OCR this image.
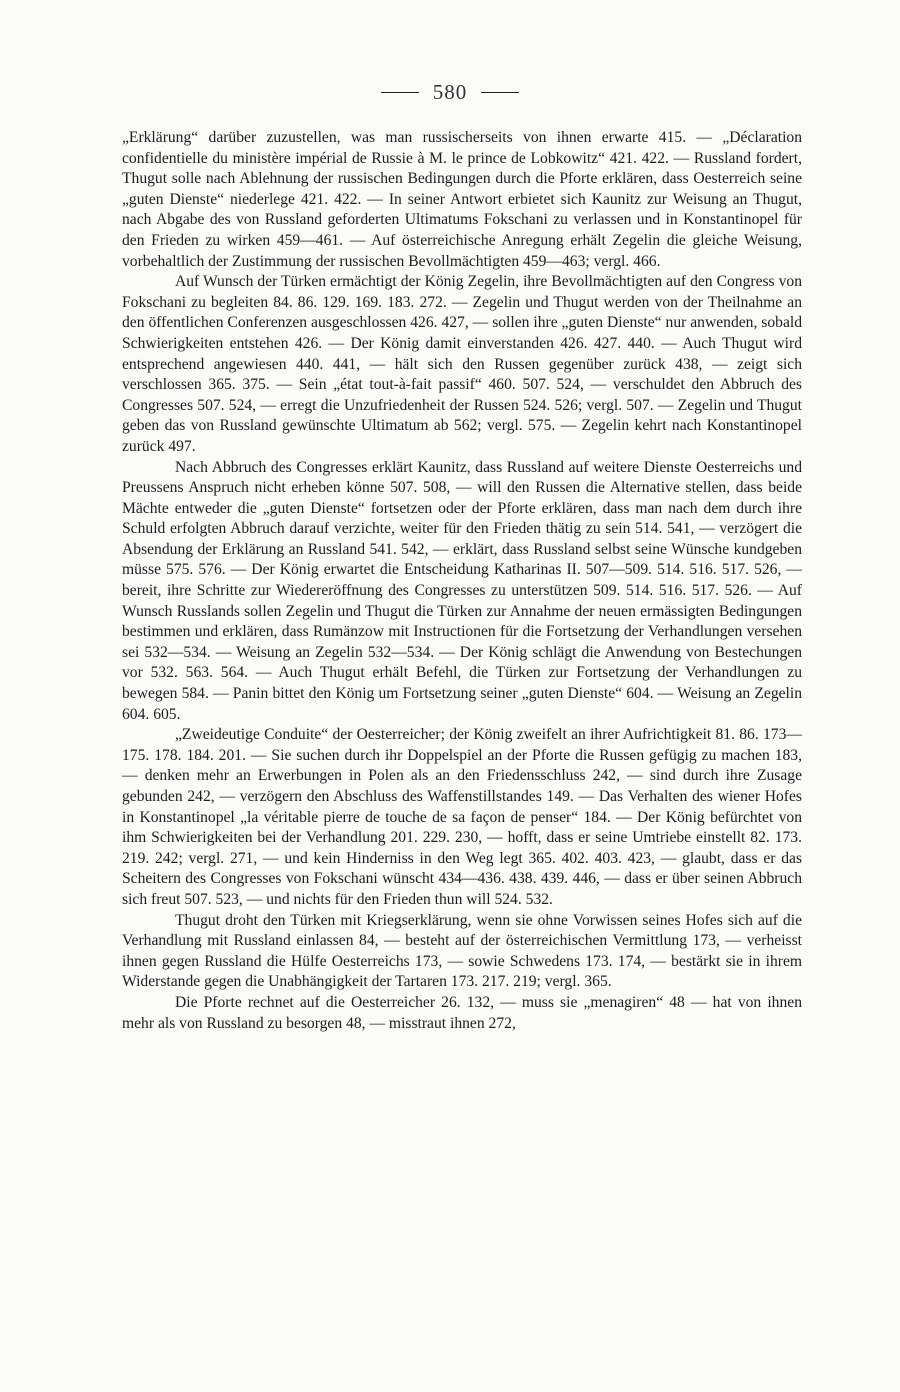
580

„Erklärung“ darüber zuzustellen, was man russischerseits von ihnen erwarte 415. — „Déclaration confidentielle du ministère impérial de Russie à M. le prince de Lobkowitz“ 421. 422. — Russland fordert, Thugut solle nach Ablehnung der russischen Bedingungen durch die Pforte erklären, dass Oesterreich seine „guten Dienste“ niederlege 421. 422. — In seiner Antwort erbietet sich Kaunitz zur Weisung an Thugut, nach Abgabe des von Russland geforderten Ultimatums Fokschani zu verlassen und in Konstantinopel für den Frieden zu wirken 459—461. — Auf österreichische Anregung erhält Zegelin die gleiche Weisung, vorbehaltlich der Zustimmung der russischen Bevollmächtigten 459—463; vergl. 466.

Auf Wunsch der Türken ermächtigt der König Zegelin, ihre Bevollmächtigten auf den Congress von Fokschani zu begleiten 84. 86. 129. 169. 183. 272. — Zegelin und Thugut werden von der Theilnahme an den öffentlichen Conferenzen ausgeschlossen 426. 427, — sollen ihre „guten Dienste“ nur anwenden, sobald Schwierigkeiten entstehen 426. — Der König damit einverstanden 426. 427. 440. — Auch Thugut wird entsprechend angewiesen 440. 441, — hält sich den Russen gegenüber zurück 438, — zeigt sich verschlossen 365. 375. — Sein „état tout-à-fait passif“ 460. 507. 524, — verschuldet den Abbruch des Congresses 507. 524, — erregt die Unzufriedenheit der Russen 524. 526; vergl. 507. — Zegelin und Thugut geben das von Russland gewünschte Ultimatum ab 562; vergl. 575. — Zegelin kehrt nach Konstantinopel zurück 497.

Nach Abbruch des Congresses erklärt Kaunitz, dass Russland auf weitere Dienste Oesterreichs und Preussens Anspruch nicht erheben könne 507. 508, — will den Russen die Alternative stellen, dass beide Mächte entweder die „guten Dienste“ fortsetzen oder der Pforte erklären, dass man nach dem durch ihre Schuld erfolgten Abbruch darauf verzichte, weiter für den Frieden thätig zu sein 514. 541, — verzögert die Absendung der Erklärung an Russland 541. 542, — erklärt, dass Russland selbst seine Wünsche kundgeben müsse 575. 576. — Der König erwartet die Entscheidung Katharinas II. 507—509. 514. 516. 517. 526, — bereit, ihre Schritte zur Wiedereröffnung des Congresses zu unterstützen 509. 514. 516. 517. 526. — Auf Wunsch Russlands sollen Zegelin und Thugut die Türken zur Annahme der neuen ermässigten Bedingungen bestimmen und erklären, dass Rumänzow mit Instructionen für die Fortsetzung der Verhandlungen versehen sei 532—534. — Weisung an Zegelin 532—534. — Der König schlägt die Anwendung von Bestechungen vor 532. 563. 564. — Auch Thugut erhält Befehl, die Türken zur Fortsetzung der Verhandlungen zu bewegen 584. — Panin bittet den König um Fortsetzung seiner „guten Dienste“ 604. — Weisung an Zegelin 604. 605.

„Zweideutige Conduite“ der Oesterreicher; der König zweifelt an ihrer Aufrichtigkeit 81. 86. 173—175. 178. 184. 201. — Sie suchen durch ihr Doppelspiel an der Pforte die Russen gefügig zu machen 183, — denken mehr an Erwerbungen in Polen als an den Friedensschluss 242, — sind durch ihre Zusage gebunden 242, — verzögern den Abschluss des Waffenstillstandes 149. — Das Verhalten des wiener Hofes in Konstantinopel „la véritable pierre de touche de sa façon de penser“ 184. — Der König befürchtet von ihm Schwierigkeiten bei der Verhandlung 201. 229. 230, — hofft, dass er seine Umtriebe einstellt 82. 173. 219. 242; vergl. 271, — und kein Hinderniss in den Weg legt 365. 402. 403. 423, — glaubt, dass er das Scheitern des Congresses von Fokschani wünscht 434—436. 438. 439. 446, — dass er über seinen Abbruch sich freut 507. 523, — und nichts für den Frieden thun will 524. 532.

Thugut droht den Türken mit Kriegserklärung, wenn sie ohne Vorwissen seines Hofes sich auf die Verhandlung mit Russland einlassen 84, — besteht auf der österreichischen Vermittlung 173, — verheisst ihnen gegen Russland die Hülfe Oesterreichs 173, — sowie Schwedens 173. 174, — bestärkt sie in ihrem Widerstande gegen die Unabhängigkeit der Tartaren 173. 217. 219; vergl. 365.

Die Pforte rechnet auf die Oesterreicher 26. 132, — muss sie „menagiren“ 48 — hat von ihnen mehr als von Russland zu besorgen 48, — misstraut ihnen 272,
